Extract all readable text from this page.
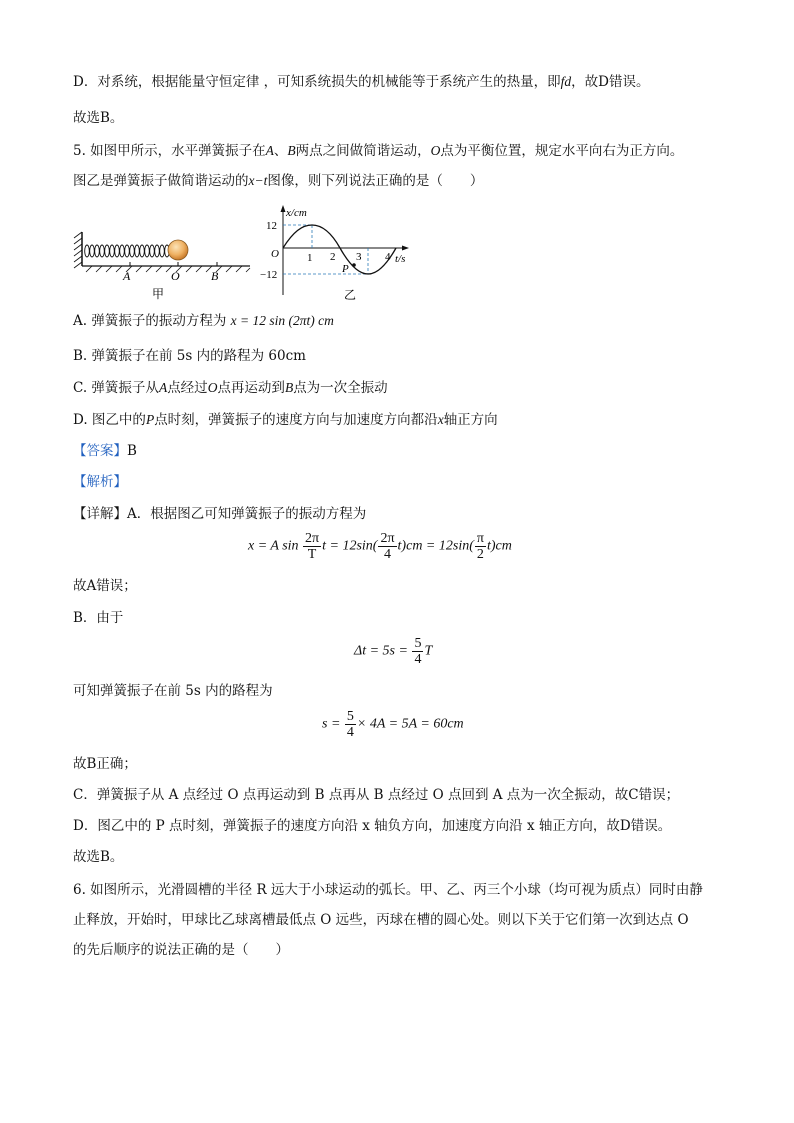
D．对系统，根据能量守恒定律 ，可知系统损失的机械能等于系统产生的热量，即fd，故D错误。
故选B。
5. 如图甲所示，水平弹簧振子在A、B两点之间做简谐运动，O点为平衡位置，规定水平向右为正方向。
图乙是弹簧振子做简谐运动的x−t图像，则下列说法正确的是（　　）
A	O	B
甲
P
x/cm
12
−12
O	1 2 3 4 t/s
乙
A. 弹簧振子的振动方程为 x = 12 sin (2πt) cm
B. 弹簧振子在前 5s 内的路程为 60cm
C. 弹簧振子从A点经过O点再运动到B点为一次全振动
D. 图乙中的P点时刻，弹簧振子的速度方向与加速度方向都沿x轴正方向
【答案】B
【解析】
【详解】A．根据图乙可知弹簧振子的振动方程为
x = A $\sin \frac{2\pi}{T}$ $t = 12\sin( \frac{2\pi}{4} t)cm = 12\sin( \frac{\pi}{2} t)cm$
故A错误；
B．由于
$\Delta t = 5s = \frac{5}{4}$ T
可知弹簧振子在前 5s 内的路程为
$s = \frac{5}{4} \times 4A = 5A = 60cm$
故B正确；
C．弹簧振子从 A 点经过 O 点再运动到 B 点再从 B 点经过 O 点回到 A 点为一次全振动，故C错误；
D．图乙中的 P 点时刻，弹簧振子的速度方向沿 x 轴负方向，加速度方向沿 x 轴正方向，故D错误。
故选B。
6. 如图所示，光滑圆槽的半径 R 远大于小球运动的弧长。甲、乙、丙三个小球（均可视为质点）同时由静
止释放，开始时，甲球比乙球离槽最低点 O 远些，丙球在槽的圆心处。则以下关于它们第一次到达点 O
的先后顺序的说法正确的是（　　）
